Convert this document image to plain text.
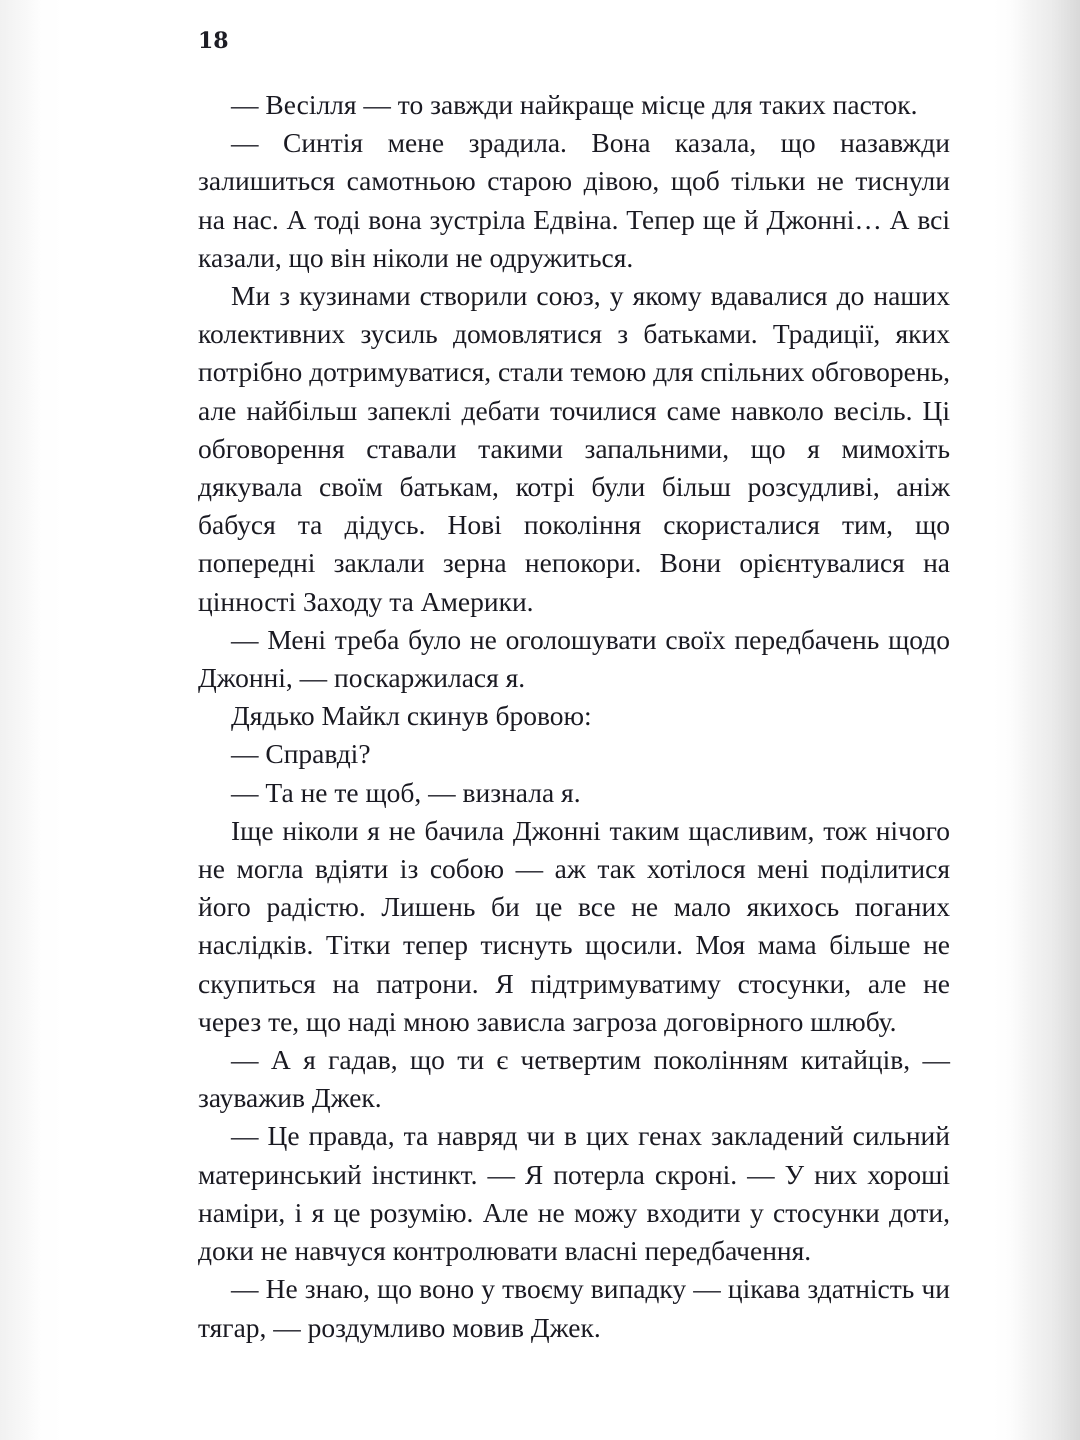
18

— Весілля — то завжди найкраще місце для таких пасток.

— Синтія мене зрадила. Вона казала, що назавжди залишиться самотньою старою дівою, щоб тільки не тиснули на нас. А тоді вона зустріла Едвіна. Тепер ще й Джонні… А всі казали, що він ніколи не одружиться.

Ми з кузинами створили союз, у якому вдавалися до наших колективних зусиль домовлятися з батьками. Традиції, яких потрібно дотримуватися, стали темою для спільних обговорень, але найбільш запеклі дебати точилися саме навколо весіль. Ці обговорення ставали такими запальними, що я мимохіть дякувала своїм батькам, котрі були більш розсудливі, аніж бабуся та дідусь. Нові покоління скористалися тим, що попередні заклали зерна непокори. Вони орієнтувалися на цінності Заходу та Америки.

— Мені треба було не оголошувати своїх передбачень щодо Джонні, — поскаржилася я.

Дядько Майкл скинув бровою:

— Справді?

— Та не те щоб, — визнала я.

Іще ніколи я не бачила Джонні таким щасливим, тож нічого не могла вдіяти із собою — аж так хотілося мені поділитися його радістю. Лишень би це все не мало якихось поганих наслідків. Тітки тепер тиснуть щосили. Моя мама більше не скупиться на патрони. Я підтримуватиму стосунки, але не через те, що наді мною зависла загроза договірного шлюбу.

— А я гадав, що ти є четвертим поколінням китайців, — зауважив Джек.

— Це правда, та навряд чи в цих генах закладений сильний материнський інстинкт. — Я потерла скроні. — У них хороші наміри, і я це розумію. Але не можу входити у стосунки доти, доки не навчуся контролювати власні передбачення.

— Не знаю, що воно у твоєму випадку — цікава здатність чи тягар, — роздумливо мовив Джек.
